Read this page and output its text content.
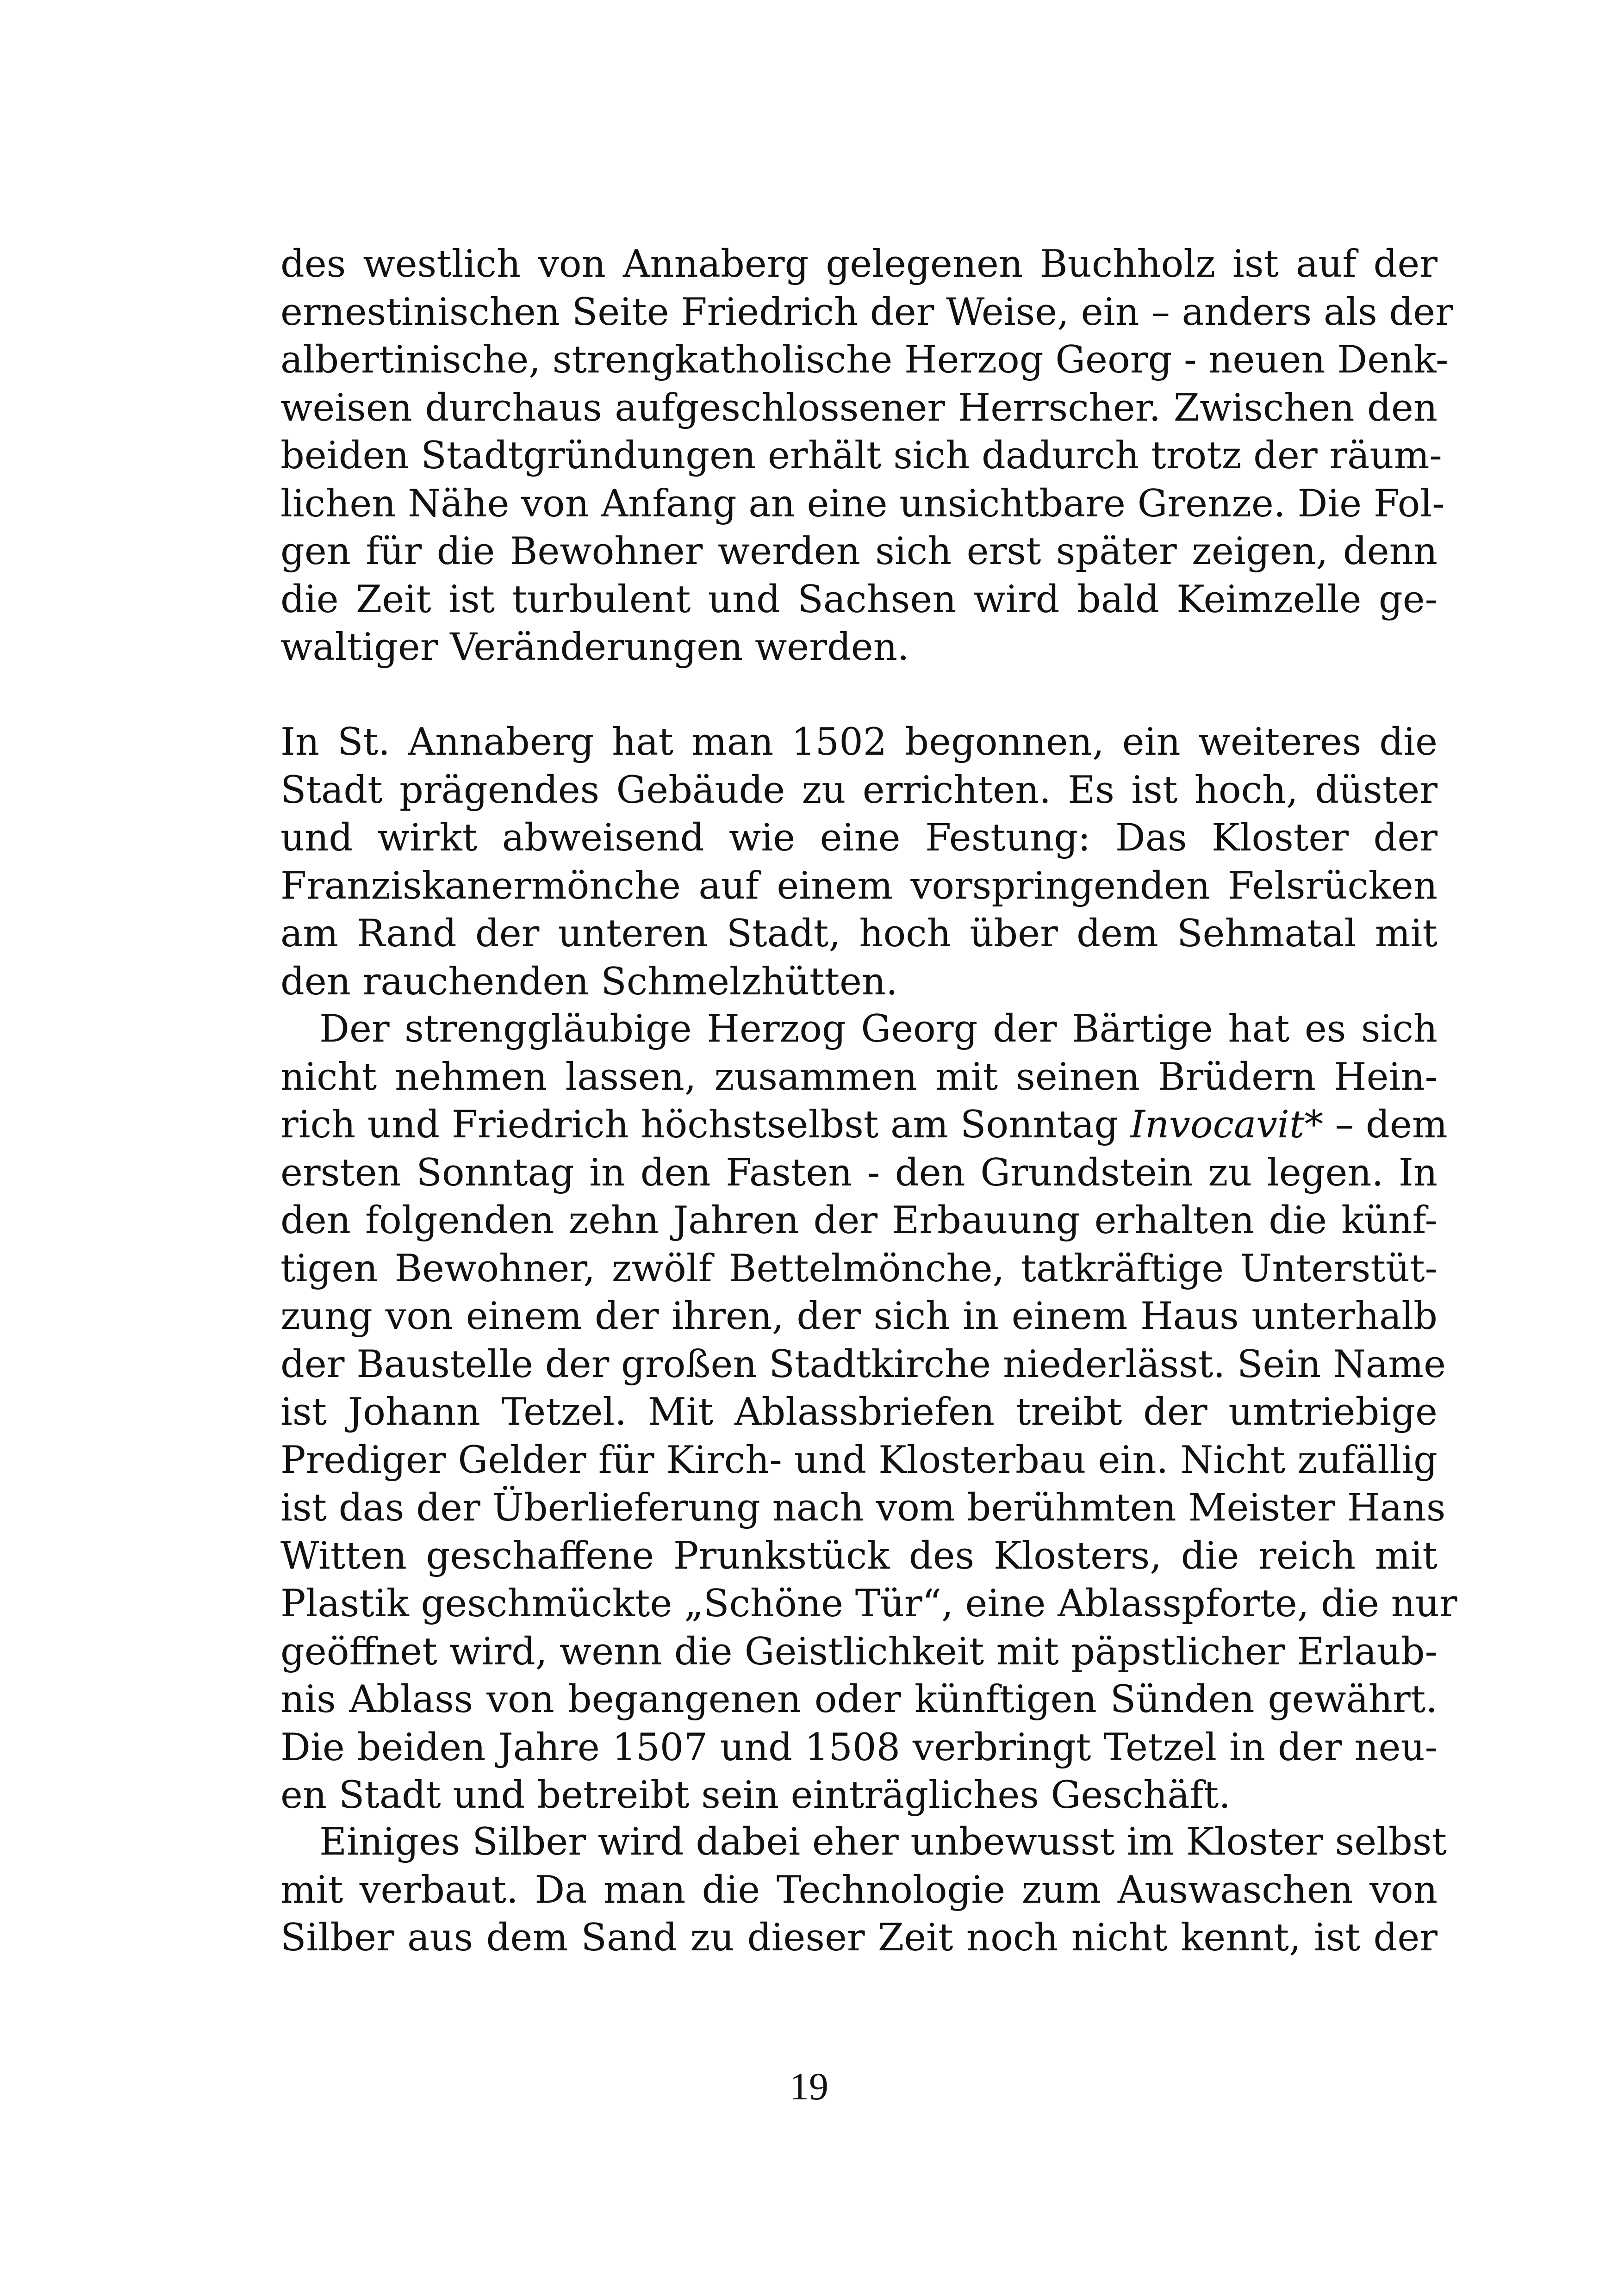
des westlich von Annaberg gelegenen Buchholz ist auf der
ernestinischen Seite Friedrich der Weise, ein – anders als der
albertinische, strengkatholische Herzog Georg - neuen Denk-
weisen durchaus aufgeschlossener Herrscher. Zwischen den
beiden Stadtgründungen erhält sich dadurch trotz der räum-
lichen Nähe von Anfang an eine unsichtbare Grenze. Die Fol-
gen für die Bewohner werden sich erst später zeigen, denn
die Zeit ist turbulent und Sachsen wird bald Keimzelle ge-
waltiger Veränderungen werden.
In St. Annaberg hat man 1502 begonnen, ein weiteres die
Stadt prägendes Gebäude zu errichten. Es ist hoch, düster
und wirkt abweisend wie eine Festung: Das Kloster der
Franziskanermönche auf einem vorspringenden Felsrücken
am Rand der unteren Stadt, hoch über dem Sehmatal mit
den rauchenden Schmelzhütten.
Der strenggläubige Herzog Georg der Bärtige hat es sich
nicht nehmen lassen, zusammen mit seinen Brüdern Hein-
rich und Friedrich höchstselbst am Sonntag Invocavit* – dem
ersten Sonntag in den Fasten - den Grundstein zu legen. In
den folgenden zehn Jahren der Erbauung erhalten die künf-
tigen Bewohner, zwölf Bettelmönche, tatkräftige Unterstüt-
zung von einem der ihren, der sich in einem Haus unterhalb
der Baustelle der großen Stadtkirche niederlässt. Sein Name
ist Johann Tetzel. Mit Ablassbriefen treibt der umtriebige
Prediger Gelder für Kirch- und Klosterbau ein. Nicht zufällig
ist das der Überlieferung nach vom berühmten Meister Hans
Witten geschaffene Prunkstück des Klosters, die reich mit
Plastik geschmückte „Schöne Tür“, eine Ablasspforte, die nur
geöffnet wird, wenn die Geistlichkeit mit päpstlicher Erlaub-
nis Ablass von begangenen oder künftigen Sünden gewährt.
Die beiden Jahre 1507 und 1508 verbringt Tetzel in der neu-
en Stadt und betreibt sein einträgliches Geschäft.
Einiges Silber wird dabei eher unbewusst im Kloster selbst
mit verbaut. Da man die Technologie zum Auswaschen von
Silber aus dem Sand zu dieser Zeit noch nicht kennt, ist der
19
